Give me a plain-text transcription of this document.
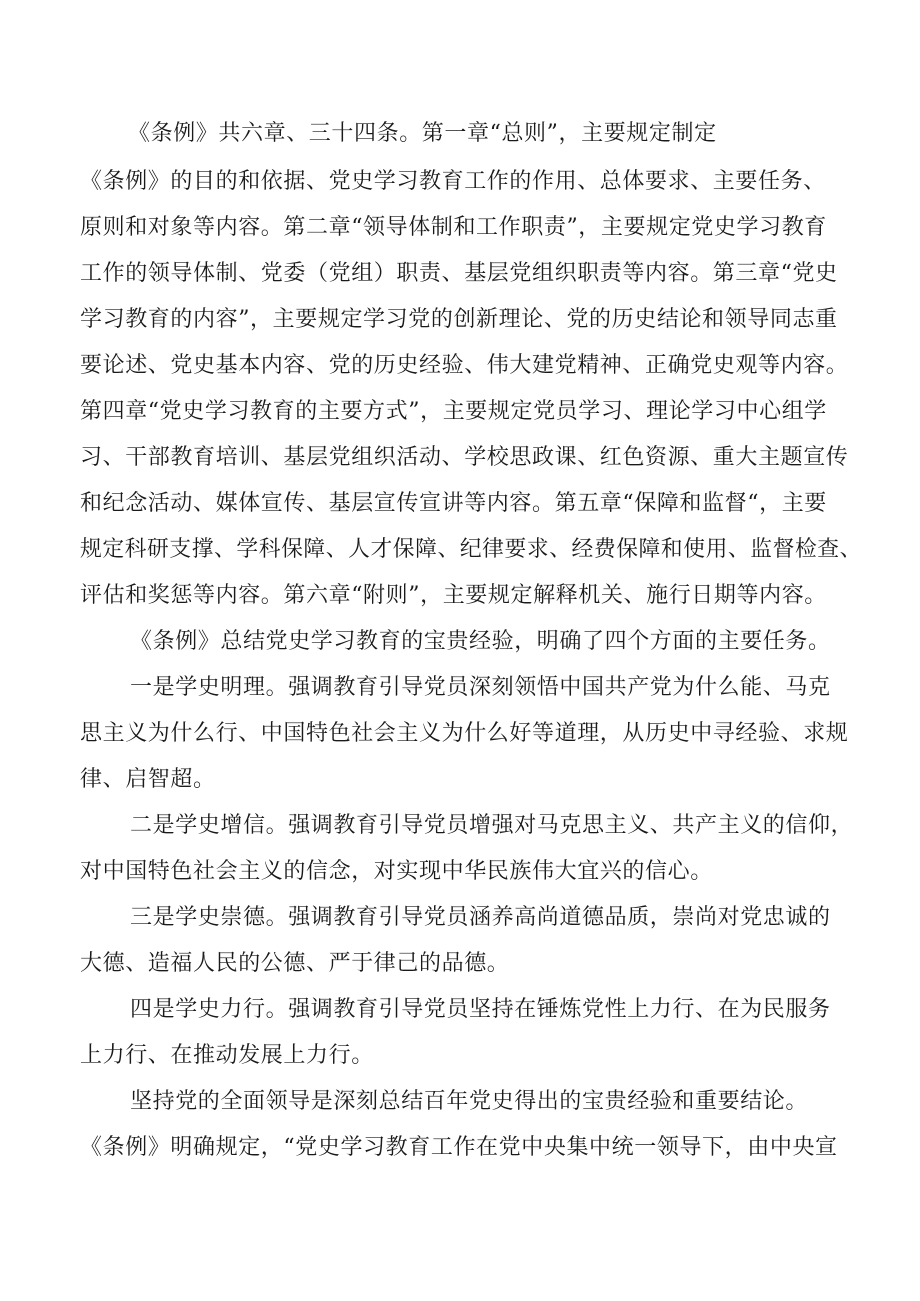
《条例》共六章、三十四条。第一章“总则”，主要规定制定
《条例》的目的和依据、党史学习教育工作的作用、总体要求、主要任务、
原则和对象等内容。第二章“领导体制和工作职责”，主要规定党史学习教育
工作的领导体制、党委（党组）职责、基层党组织职责等内容。第三章“党史
学习教育的内容”，主要规定学习党的创新理论、党的历史结论和领导同志重
要论述、党史基本内容、党的历史经验、伟大建党精神、正确党史观等内容。
第四章“党史学习教育的主要方式”，主要规定党员学习、理论学习中心组学
习、干部教育培训、基层党组织活动、学校思政课、红色资源、重大主题宣传
和纪念活动、媒体宣传、基层宣传宣讲等内容。第五章“保障和监督“，主要
规定科研支撑、学科保障、人才保障、纪律要求、经费保障和使用、监督检查、
评估和奖惩等内容。第六章“附则”，主要规定解释机关、施行日期等内容。
《条例》总结党史学习教育的宝贵经验，明确了四个方面的主要任务。
一是学史明理。强调教育引导党员深刻领悟中国共产党为什么能、马克
思主义为什么行、中国特色社会主义为什么好等道理，从历史中寻经验、求规
律、启智超。
二是学史增信。强调教育引导党员增强对马克思主义、共产主义的信仰，
对中国特色社会主义的信念，对实现中华民族伟大宜兴的信心。
三是学史崇德。强调教育引导党员涵养高尚道德品质，崇尚对党忠诚的
大德、造福人民的公德、严于律己的品德。
四是学史力行。强调教育引导党员坚持在锤炼党性上力行、在为民服务
上力行、在推动发展上力行。
坚持党的全面领导是深刻总结百年党史得出的宝贵经验和重要结论。
《条例》明确规定，“党史学习教育工作在党中央集中统一领导下，由中央宣
